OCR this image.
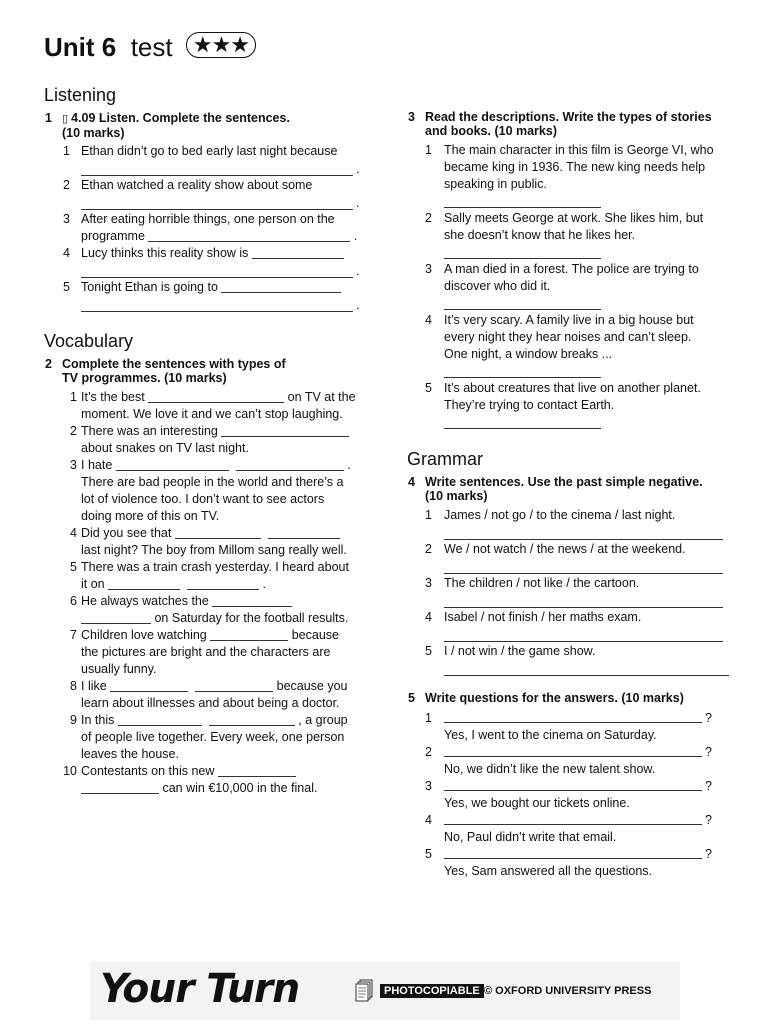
Unit 6 test ★★★
Listening
1 ▯ 4.09 Listen. Complete the sentences.
(10 marks)
1 Ethan didn’t go to bed early last night because
.
2 Ethan watched a reality show about some
.
3 After eating horrible things, one person on the
programme	.
4 Lucy thinks this reality show is
.
5 Tonight Ethan is going to
.
Vocabulary
2 Complete the sentences with types of
TV programmes. (10 marks)
1 It’s the best	on TV at the
moment. We love it and we can’t stop laughing.
2 There was an interesting
about snakes on TV last night.
3 I hate	.
There are bad people in the world and there’s a
lot of violence too. I don’t want to see actors
doing more of this on TV.
4 Did you see that
last night? The boy from Millom sang really well.
5 There was a train crash yesterday. I heard about
it on	.
6 He always watches the
on Saturday for the football results.
7 Children love watching	because
the pictures are bright and the characters are
usually funny.
8 I like	because you
learn about illnesses and about being a doctor.
9 In this	, a group
of people live together. Every week, one person
leaves the house.
10 Contestants on this new
can win €10,000 in the final.
3 Read the descriptions. Write the types of stories
and books. (10 marks)
1 The main character in this film is George VI, who
became king in 1936. The new king needs help
speaking in public.
2 Sally meets George at work. She likes him, but
she doesn’t know that he likes her.
3 A man died in a forest. The police are trying to
discover who did it.
4 It’s very scary. A family live in a big house but
every night they hear noises and can’t sleep.
One night, a window breaks ...
5 It’s about creatures that live on another planet.
They’re trying to contact Earth.
Grammar
4 Write sentences. Use the past simple negative.
(10 marks)
1 James / not go / to the cinema / last night.
2 We / not watch / the news / at the weekend.
3 The children / not like / the cartoon.
4 Isabel / not finish / her maths exam.
5 I / not win / the game show.
5 Write questions for the answers. (10 marks)
1	?
Yes, I went to the cinema on Saturday.
2	?
No, we didn’t like the new talent show.
3	?
Yes, we bought our tickets online.
4	?
No, Paul didn’t write that email.
5	?
Yes, Sam answered all the questions.
Your Turn	PHOTOCOPIABLE © OXFORD UNIVERSITY PRESS
